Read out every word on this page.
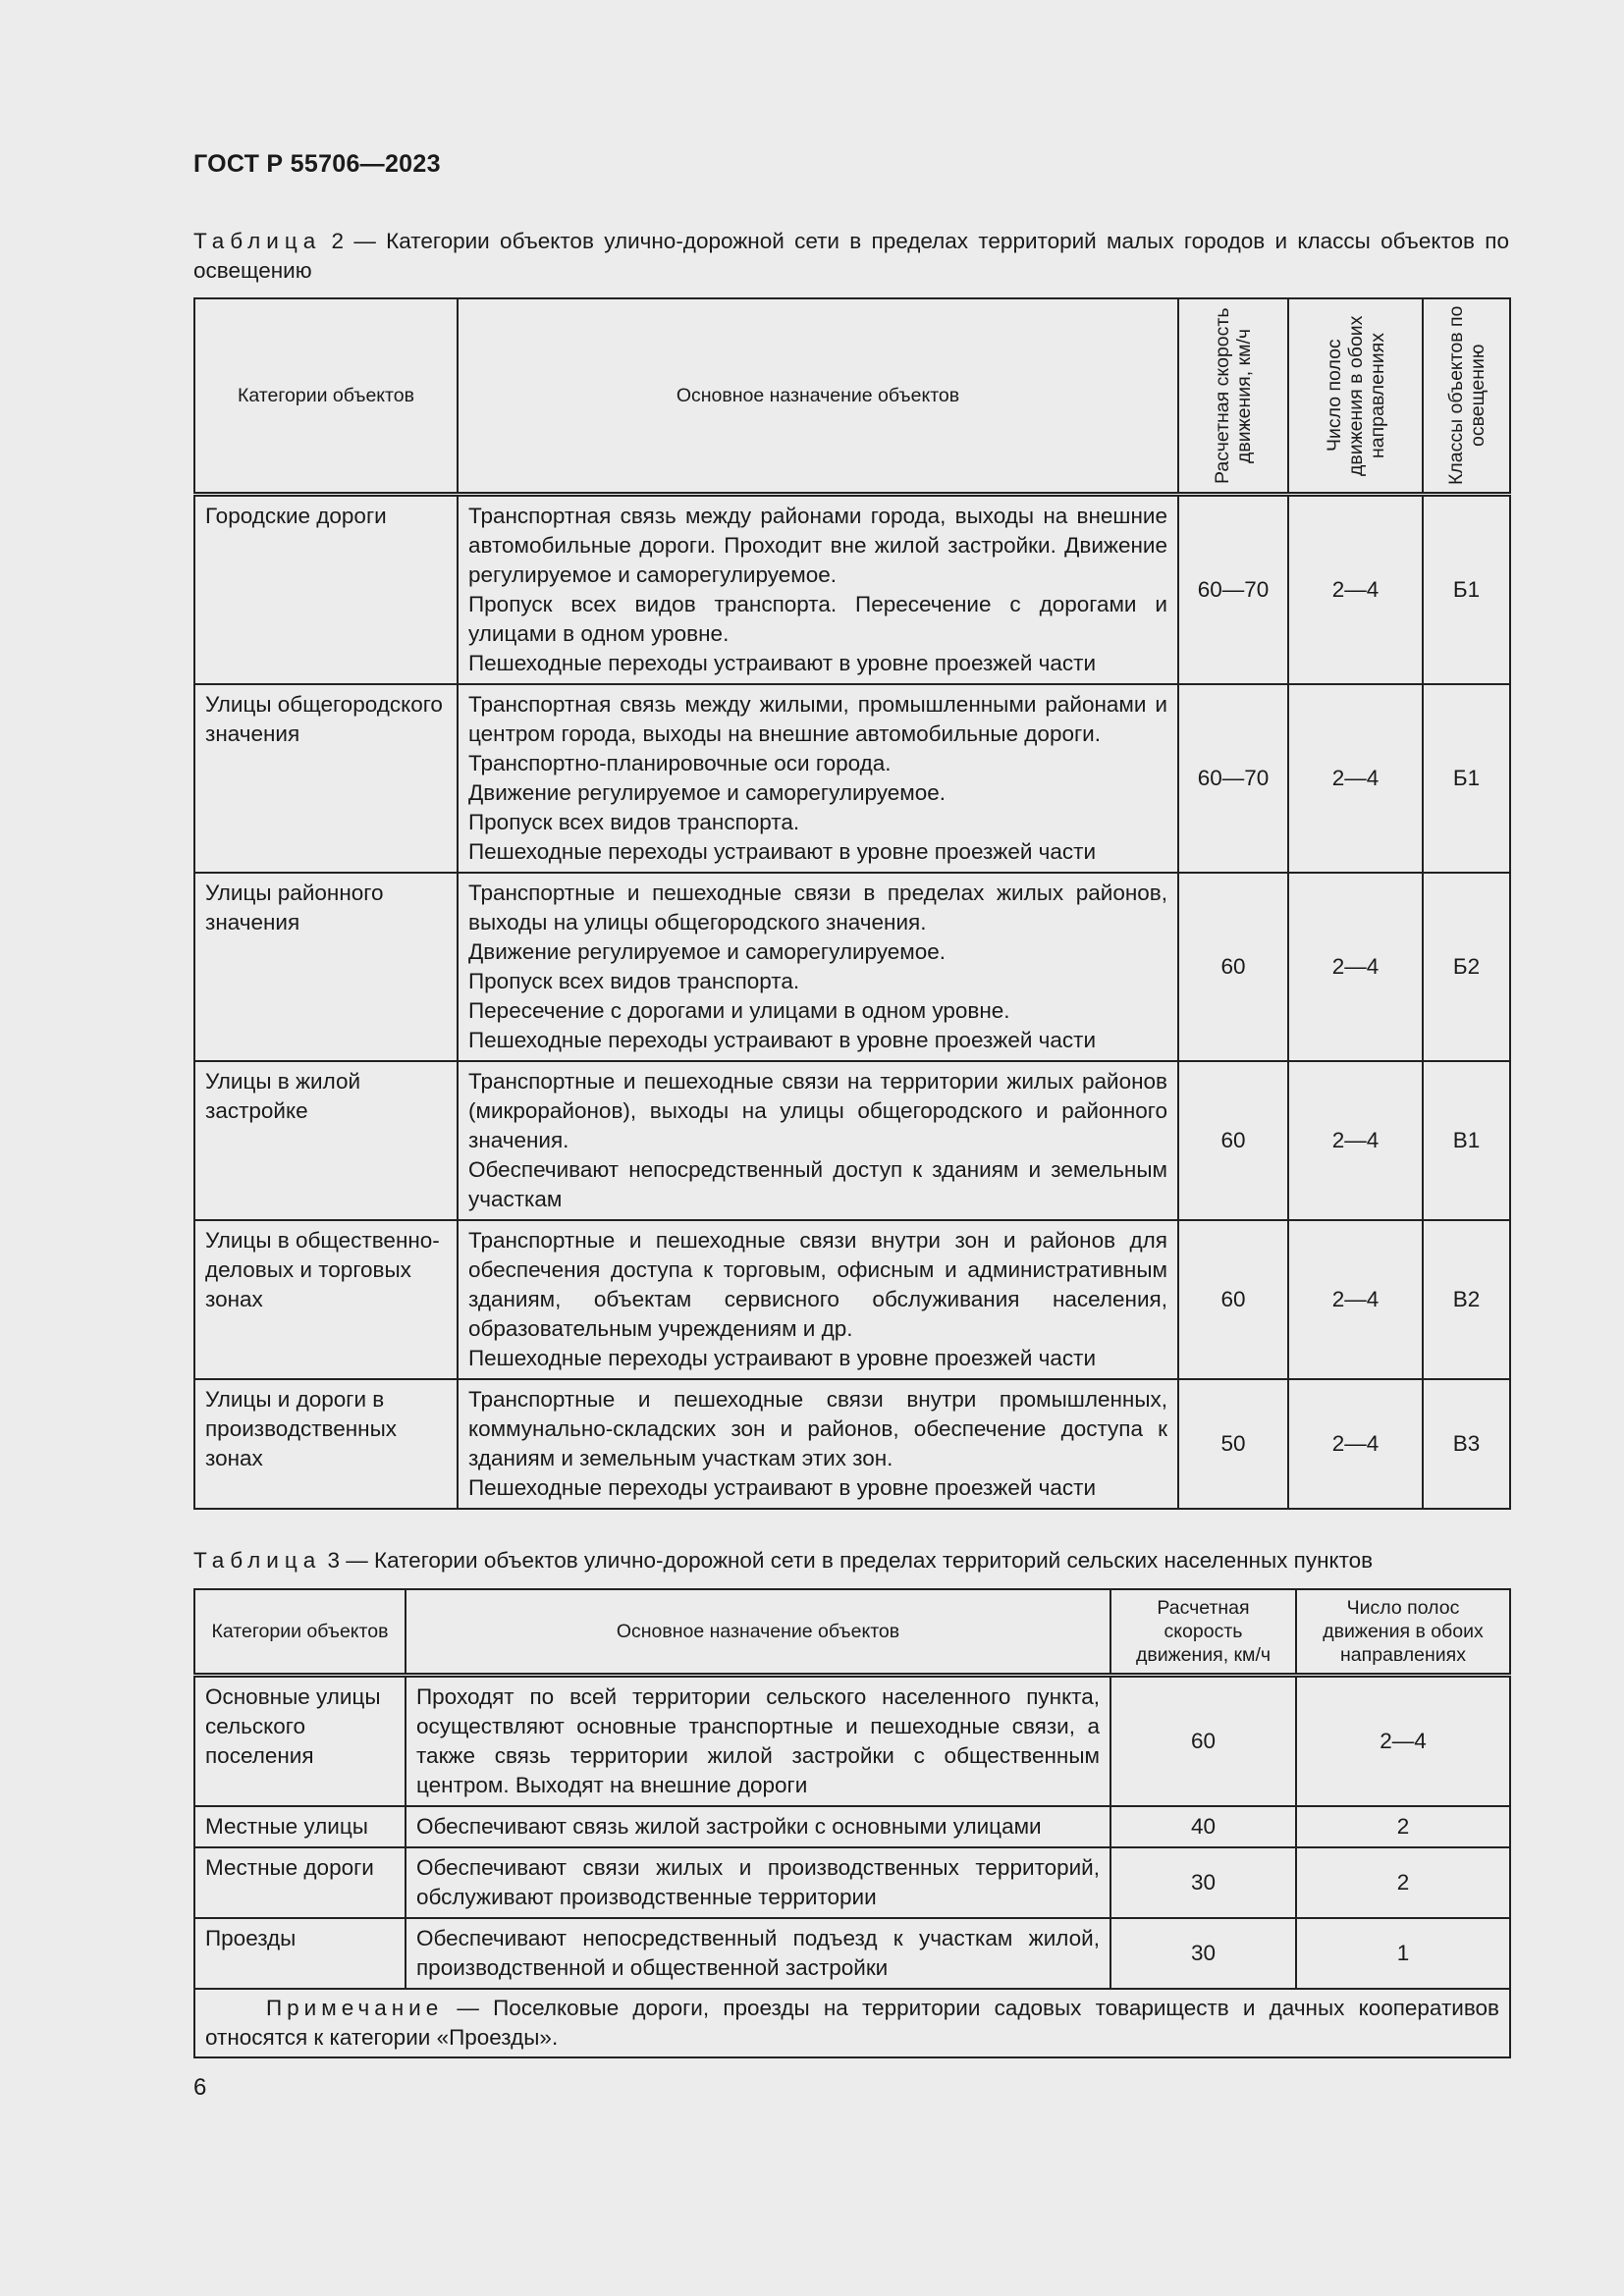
ГОСТ Р 55706—2023
Таблица 2 — Категории объектов улично-дорожной сети в пределах территорий малых городов и классы объектов по освещению
Категории объектов	Основное назначение объектов	Расчетная скорость движения, км/ч	Число полос движения в обоих направлениях	Классы объектов по освещению

Городские дороги	Транспортная связь между районами города, выходы на внешние автомобильные дороги. Проходит вне жилой застройки. Движение регулируемое и саморегулируемое.
Пропуск всех видов транспорта. Пересечение с дорогами и улицами в одном уровне.
Пешеходные переходы устраивают в уровне проезжей части	60—70	2—4	Б1
Улицы общегородского значения	Транспортная связь между жилыми, промышленными районами и центром города, выходы на внешние автомобильные дороги.
Транспортно-планировочные оси города.
Движение регулируемое и саморегулируемое.
Пропуск всех видов транспорта.
Пешеходные переходы устраивают в уровне проезжей части	60—70	2—4	Б1
Улицы районного значения	Транспортные и пешеходные связи в пределах жилых районов, выходы на улицы общегородского значения.
Движение регулируемое и саморегулируемое.
Пропуск всех видов транспорта.
Пересечение с дорогами и улицами в одном уровне.
Пешеходные переходы устраивают в уровне проезжей части	60	2—4	Б2
Улицы в жилой застройке	Транспортные и пешеходные связи на территории жилых районов (микрорайонов), выходы на улицы общегородского и районного значения.
Обеспечивают непосредственный доступ к зданиям и земельным участкам	60	2—4	В1
Улицы в общественно-деловых и торговых зонах	Транспортные и пешеходные связи внутри зон и районов для обеспечения доступа к торговым, офисным и административным зданиям, объектам сервисного обслуживания населения, образовательным учреждениям и др.
Пешеходные переходы устраивают в уровне проезжей части	60	2—4	В2
Улицы и дороги в производственных зонах	Транспортные и пешеходные связи внутри промышленных, коммунально-складских зон и районов, обеспечение доступа к зданиям и земельным участкам этих зон.
Пешеходные переходы устраивают в уровне проезжей части	50	2—4	В3
Таблица 3 — Категории объектов улично-дорожной сети в пределах территорий сельских населенных пунктов
Категории объектов	Основное назначение объектов	Расчетная скорость движения, км/ч	Число полос движения в обоих направлениях
Основные улицы сельского поселения	Проходят по всей территории сельского населенного пункта, осуществляют основные транспортные и пешеходные связи, а также связь территории жилой застройки с общественным центром. Выходят на внешние дороги	60	2—4
Местные улицы	Обеспечивают связь жилой застройки с основными улицами	40	2
Местные дороги	Обеспечивают связи жилых и производственных территорий, обслуживают производственные территории	30	2
Проезды	Обеспечивают непосредственный подъезд к участкам жилой, производственной и общественной застройки	30	1
Примечание — Поселковые дороги, проезды на территории садовых товариществ и дачных кооперативов относятся к категории «Проезды».			
6
